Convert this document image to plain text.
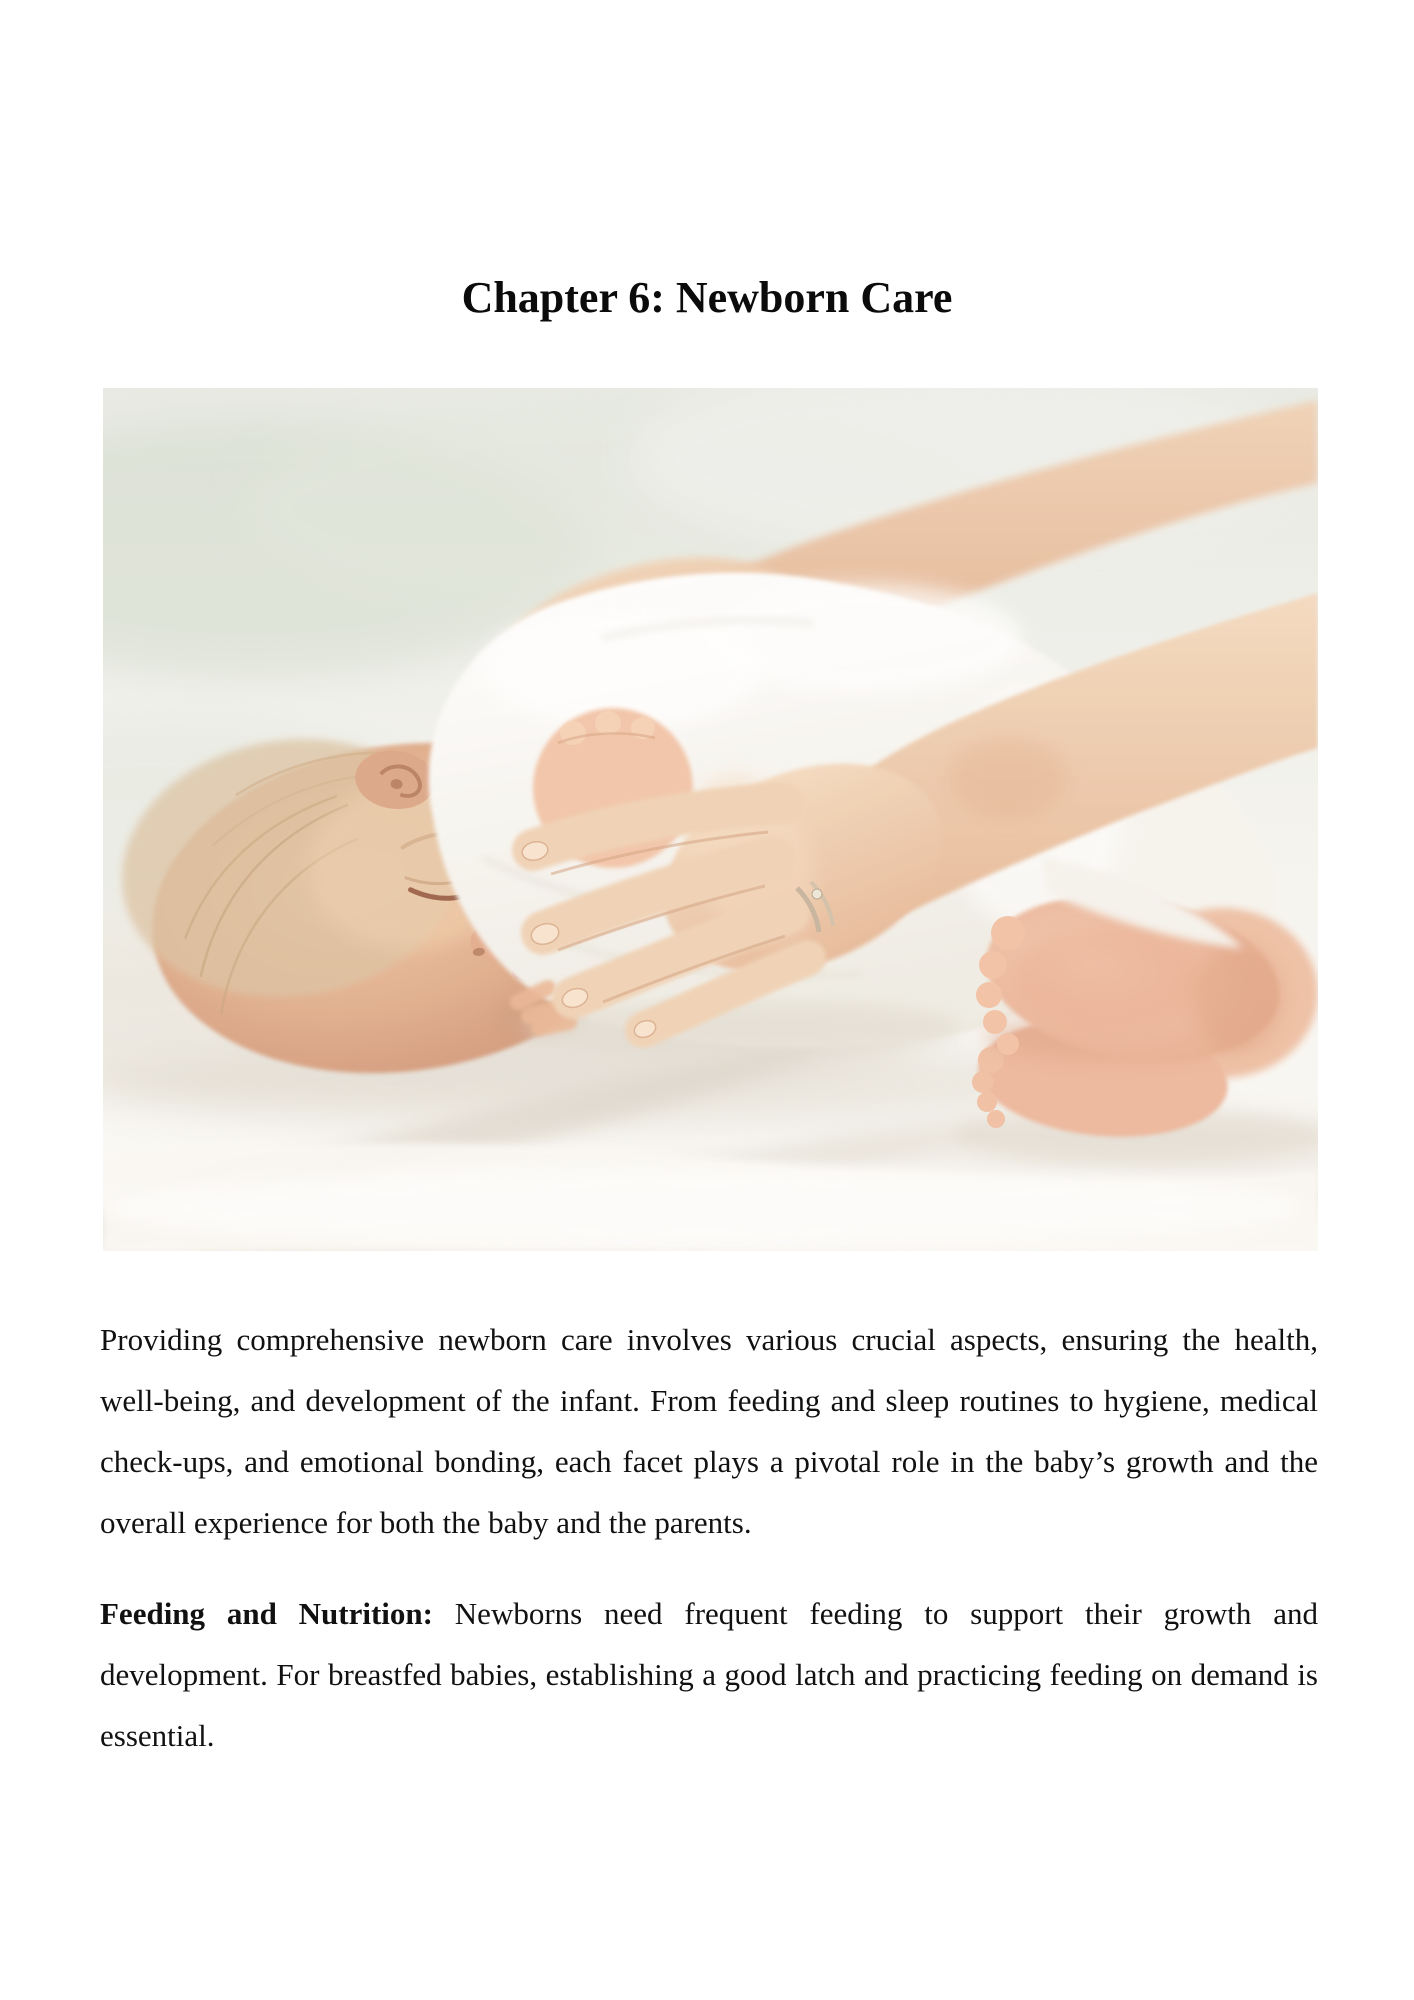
Chapter 6: Newborn Care

Providing comprehensive newborn care involves various crucial aspects, ensuring the health, well-being, and development of the infant. From feeding and sleep routines to hygiene, medical check-ups, and emotional bonding, each facet plays a pivotal role in the baby’s growth and the overall experience for both the baby and the parents.

Feeding and Nutrition: Newborns need frequent feeding to support their growth and development. For breastfed babies, establishing a good latch and practicing feeding on demand is essential.
